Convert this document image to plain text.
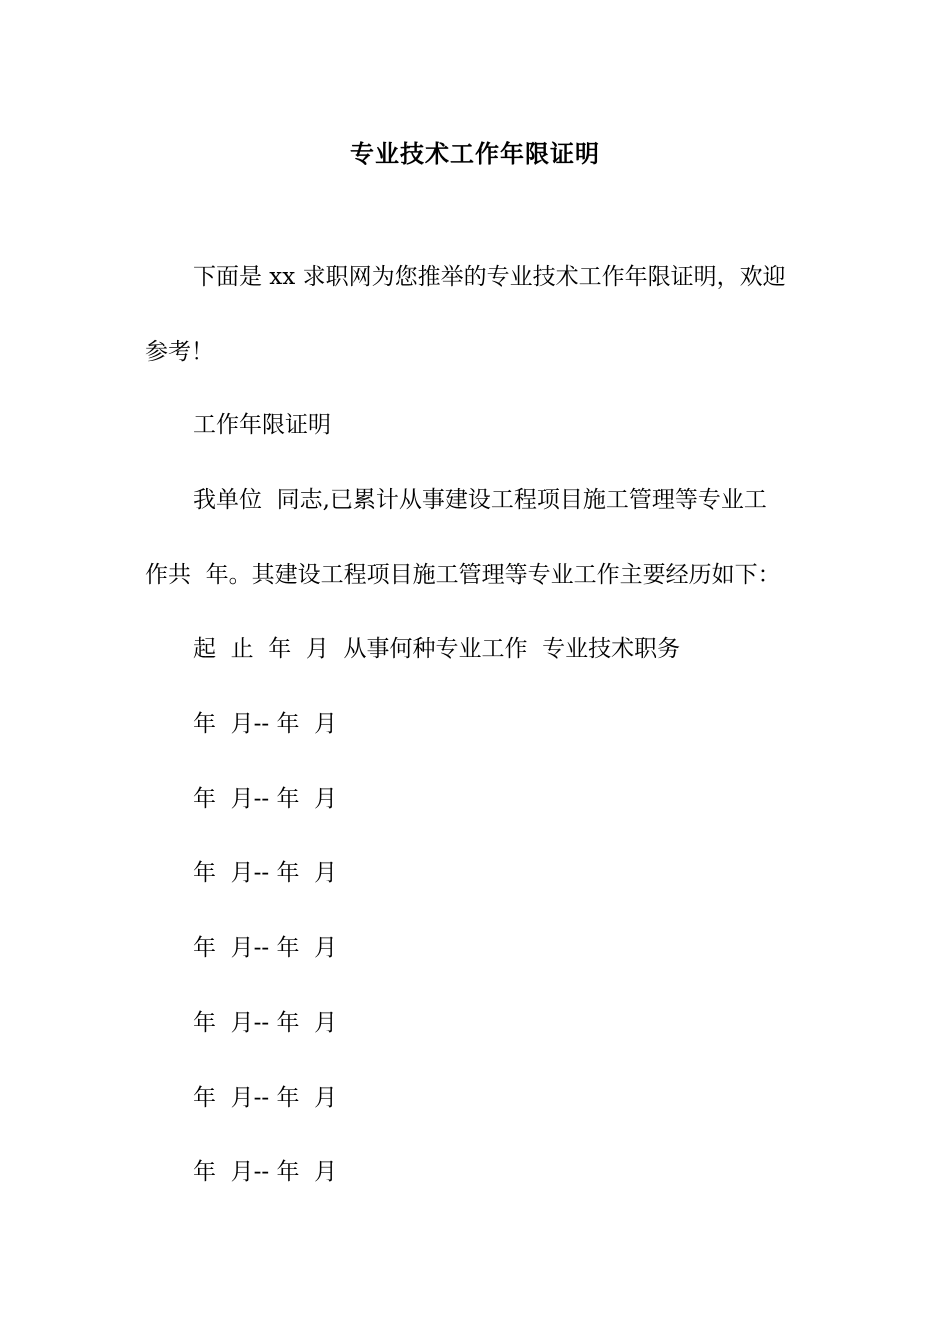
专业技术工作年限证明
下面是 xx 求职网为您推举的专业技术工作年限证明，欢迎
参考！
工作年限证明
我单位  同志,已累计从事建设工程项目施工管理等专业工
作共  年。其建设工程项目施工管理等专业工作主要经历如下：
起  止  年  月  从事何种专业工作  专业技术职务
年  月-- 年  月
年  月-- 年  月
年  月-- 年  月
年  月-- 年  月
年  月-- 年  月
年  月-- 年  月
年  月-- 年  月
